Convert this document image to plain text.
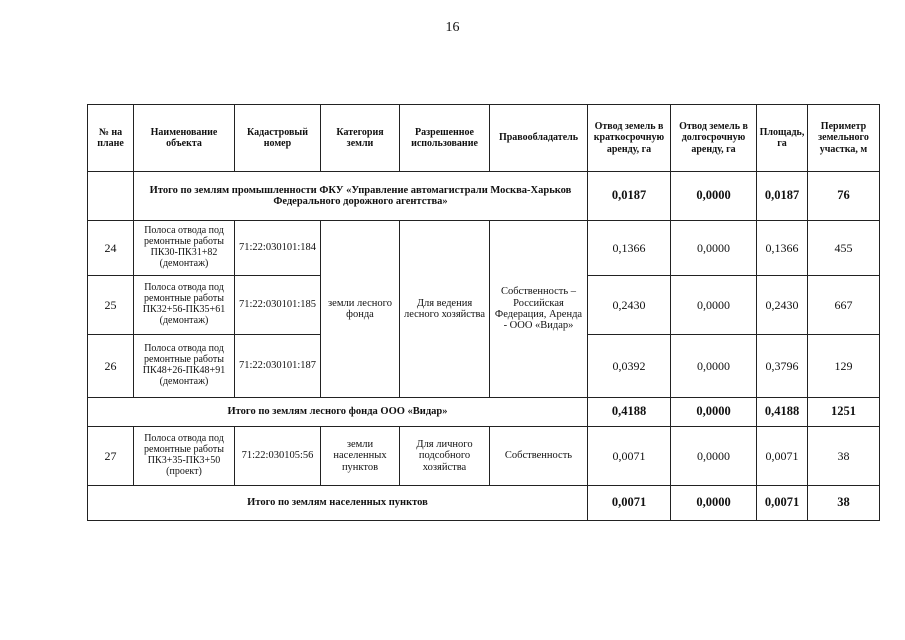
16
№ на плане	Наименование объекта	Кадастровый номер	Категория земли	Разрешенное использование	Правообладатель	Отвод земель в краткосрочную аренду, га	Отвод земель в долгосрочную аренду, га	Площадь, га	Периметр земельного участка, м
	Итого по землям промышленности ФКУ «Управление автомагистрали Москва-Харьков Федерального дорожного агентства»					0,0187	0,0000	0,0187	76
24	Полоса отвода под ремонтные работы ПК30-ПК31+82 (демонтаж)	71:22:030101:184	земли лесного фонда	Для ведения лесного хозяйства	Собственность – Российская Федерация, Аренда - ООО «Видар»	0,1366	0,0000	0,1366	455
25	Полоса отвода под ремонтные работы ПК32+56-ПК35+61 (демонтаж)	71:22:030101:185				0,2430	0,0000	0,2430	667
26	Полоса отвода под ремонтные работы ПК48+26-ПК48+91 (демонтаж)	71:22:030101:187				0,0392	0,0000	0,3796	129
Итого по землям лесного фонда ООО «Видар»						0,4188	0,0000	0,4188	1251
27	Полоса отвода под ремонтные работы ПК3+35-ПК3+50 (проект)	71:22:030105:56	земли населенных пунктов	Для личного подсобного хозяйства	Собственность	0,0071	0,0000	0,0071	38
Итого по землям населенных пунктов						0,0071	0,0000	0,0071	38
